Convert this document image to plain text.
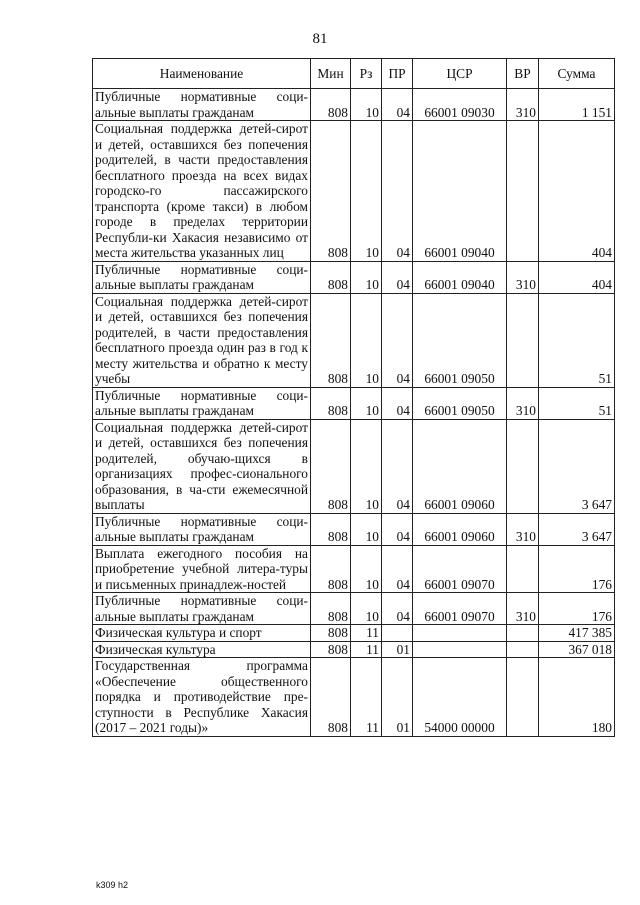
81
Наименование	Мин	Рз	ПР	ЦСР	ВР	Сумма
Публичные нормативные соци-альные выплаты гражданам	808	10	04	66001 09030	310	1 151
Социальная поддержка детей-сирот и детей, оставшихся без попечения родителей, в части предоставления бесплатного проезда на всех видах городско-го пассажирского транспорта (кроме такси) в любом городе в пределах территории Республи-ки Хакасия независимо от места жительства указанных лиц	808	10	04	66001 09040		404
Публичные нормативные соци-альные выплаты гражданам	808	10	04	66001 09040	310	404
Социальная поддержка детей-сирот и детей, оставшихся без попечения родителей, в части предоставления бесплатного проезда один раз в год к месту жительства и обратно к месту учебы	808	10	04	66001 09050		51
Публичные нормативные соци-альные выплаты гражданам	808	10	04	66001 09050	310	51
Социальная поддержка детей-сирот и детей, оставшихся без попечения родителей, обучаю-щихся в организациях профес-сионального образования, в ча-сти ежемесячной выплаты	808	10	04	66001 09060		3 647
Публичные нормативные соци-альные выплаты гражданам	808	10	04	66001 09060	310	3 647
Выплата ежегодного пособия на приобретение учебной литера-туры и письменных принадлеж-ностей	808	10	04	66001 09070		176
Публичные нормативные соци-альные выплаты гражданам	808	10	04	66001 09070	310	176
Физическая культура и спорт	808	11				417 385
Физическая культура	808	11	01			367 018
Государственная программа «Обеспечение общественного порядка и противодействие пре-ступности в Республике Хакасия (2017 – 2021 годы)»	808	11	01	54000 00000		180
k309 h2
